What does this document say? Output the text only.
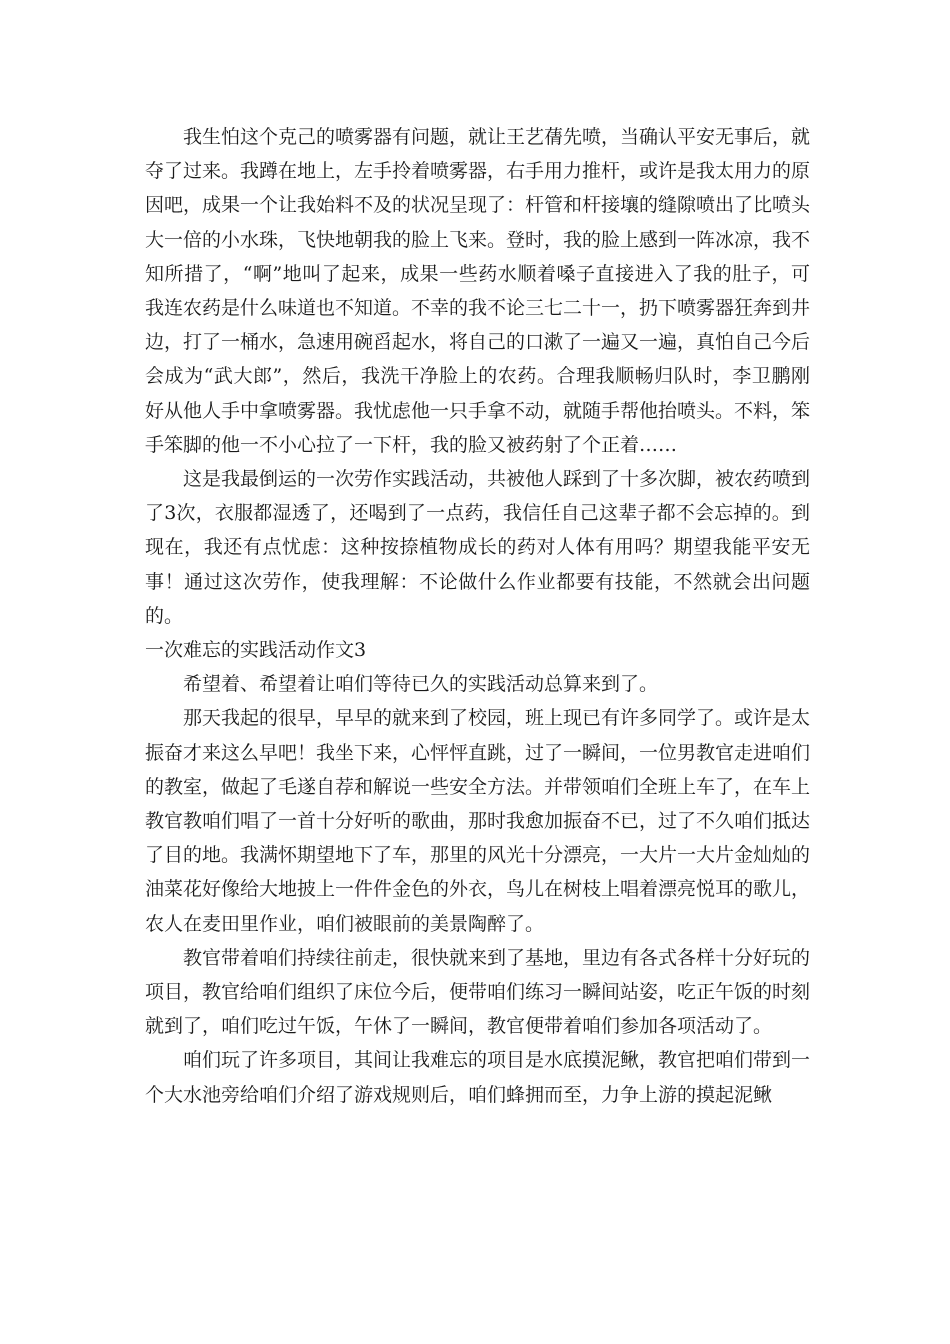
我生怕这个克己的喷雾器有问题，就让王艺蒨先喷，当确认平安无事后，就夺了过来。我蹲在地上，左手拎着喷雾器，右手用力推杆，或许是我太用力的原因吧，成果一个让我始料不及的状况呈现了：杆管和杆接壤的缝隙喷出了比喷头大一倍的小水珠，飞快地朝我的脸上飞来。登时，我的脸上感到一阵冰凉，我不知所措了，“啊”地叫了起来，成果一些药水顺着嗓子直接进入了我的肚子，可我连农药是什么味道也不知道。不幸的我不论三七二十一，扔下喷雾器狂奔到井边，打了一桶水，急速用碗舀起水，将自己的口漱了一遍又一遍，真怕自己今后会成为“武大郎”，然后，我洗干净脸上的农药。合理我顺畅归队时，李卫鹏刚好从他人手中拿喷雾器。我忧虑他一只手拿不动，就随手帮他抬喷头。不料，笨手笨脚的他一不小心拉了一下杆，我的脸又被药射了个正着……

这是我最倒运的一次劳作实践活动，共被他人踩到了十多次脚，被农药喷到了3次，衣服都湿透了，还喝到了一点药，我信任自己这辈子都不会忘掉的。到现在，我还有点忧虑：这种按捺植物成长的药对人体有用吗？期望我能平安无事！通过这次劳作，使我理解：不论做什么作业都要有技能，不然就会出问题的。

一次难忘的实践活动作文3

希望着、希望着让咱们等待已久的实践活动总算来到了。

那天我起的很早，早早的就来到了校园，班上现已有许多同学了。或许是太振奋才来这么早吧！我坐下来，心怦怦直跳，过了一瞬间，一位男教官走进咱们的教室，做起了毛遂自荐和解说一些安全方法。并带领咱们全班上车了，在车上教官教咱们唱了一首十分好听的歌曲，那时我愈加振奋不已，过了不久咱们抵达了目的地。我满怀期望地下了车，那里的风光十分漂亮，一大片一大片金灿灿的油菜花好像给大地披上一件件金色的外衣，鸟儿在树枝上唱着漂亮悦耳的歌儿，农人在麦田里作业，咱们被眼前的美景陶醉了。

教官带着咱们持续往前走，很快就来到了基地，里边有各式各样十分好玩的项目，教官给咱们组织了床位今后，便带咱们练习一瞬间站姿，吃正午饭的时刻就到了，咱们吃过午饭，午休了一瞬间，教官便带着咱们参加各项活动了。

咱们玩了许多项目，其间让我难忘的项目是水底摸泥鳅，教官把咱们带到一个大水池旁给咱们介绍了游戏规则后，咱们蜂拥而至，力争上游的摸起泥鳅
